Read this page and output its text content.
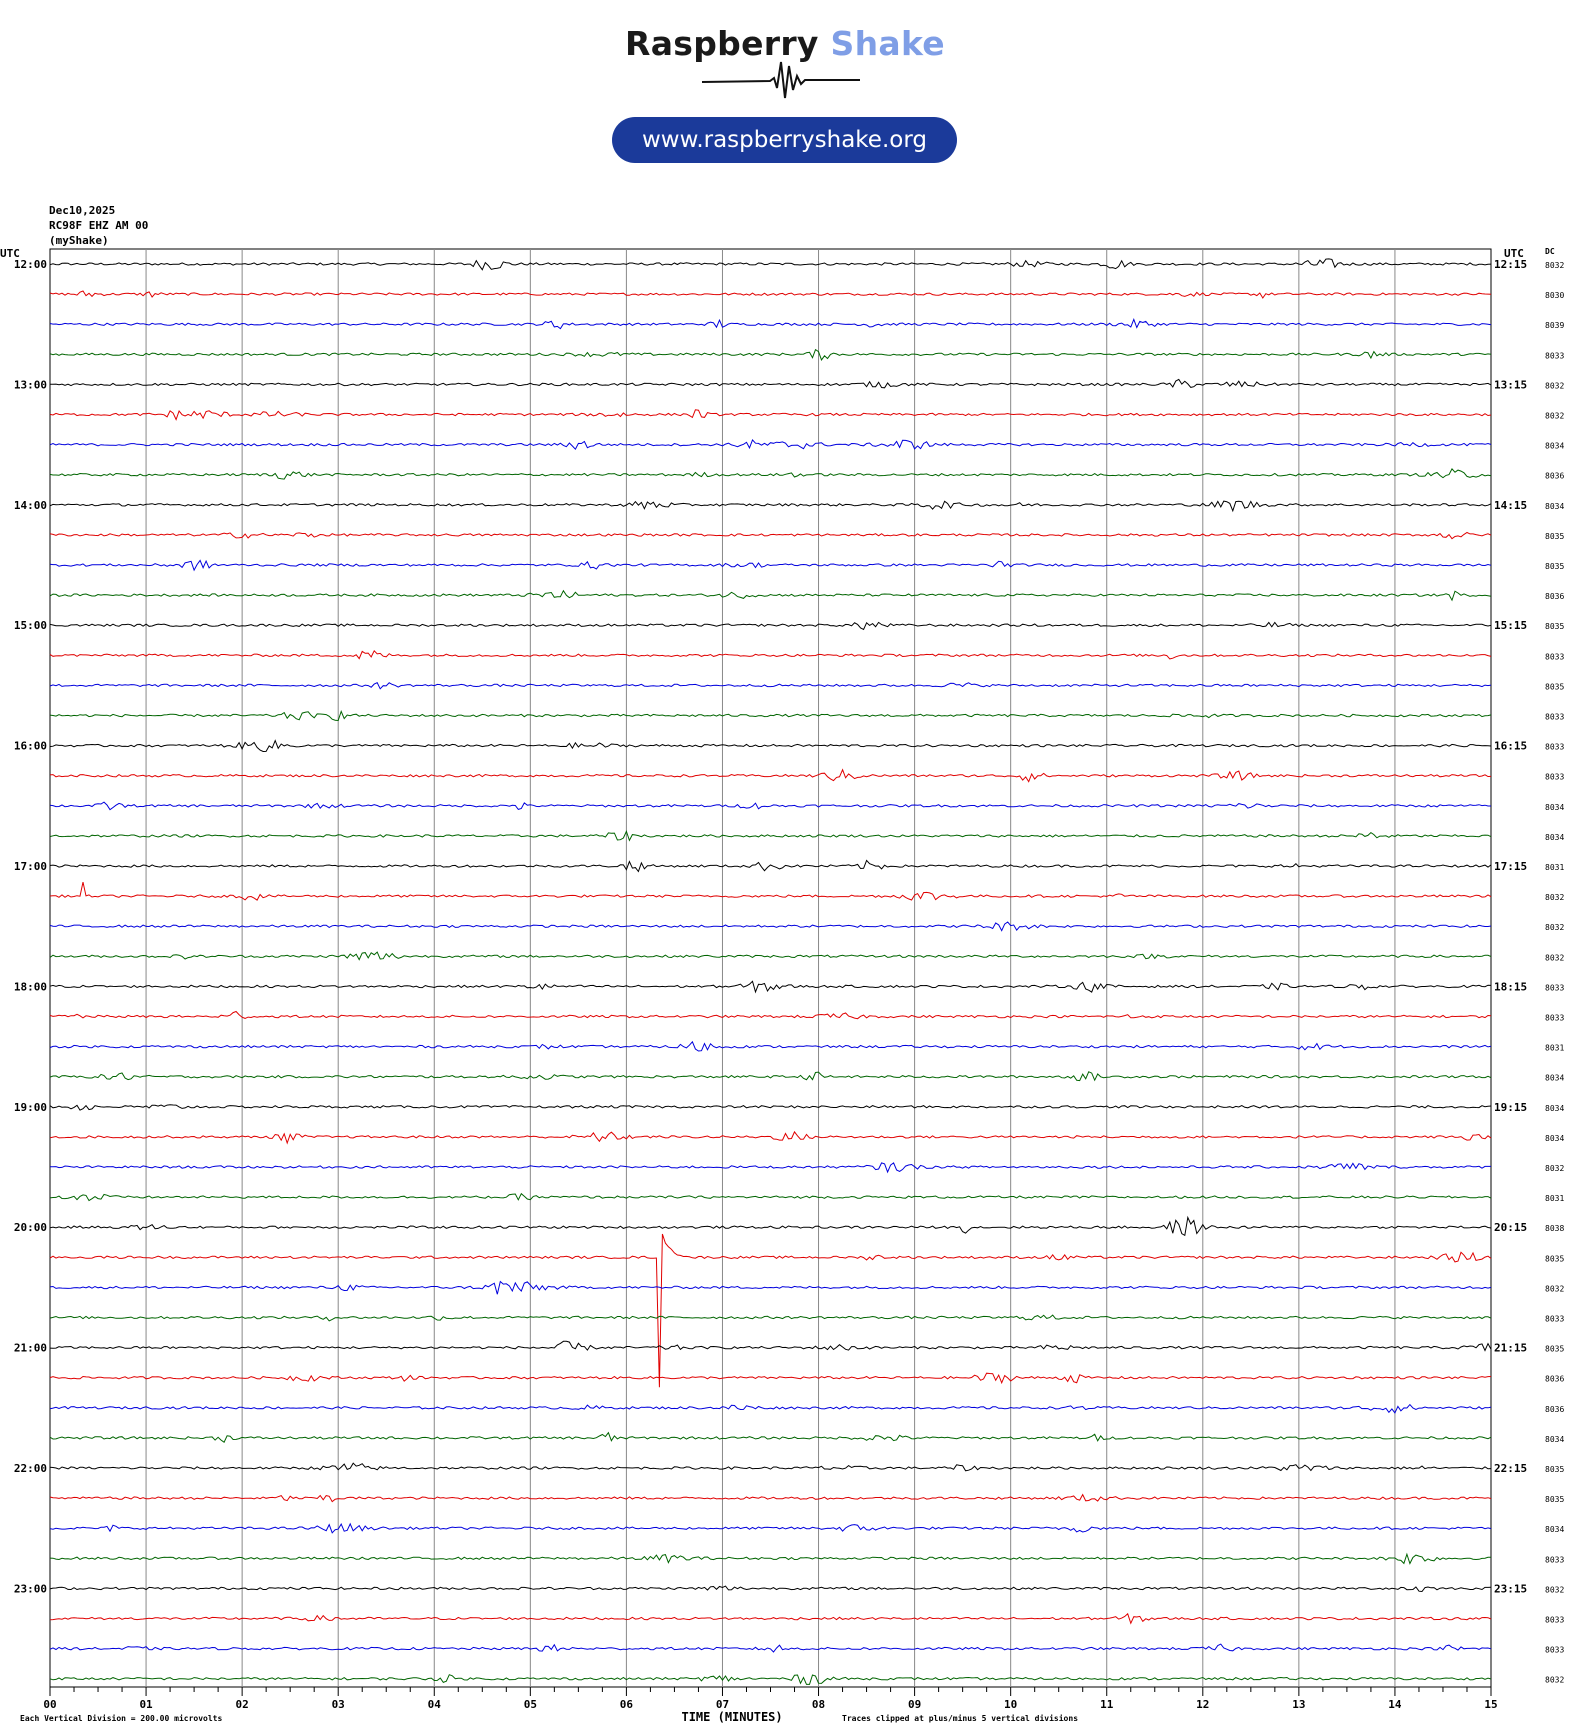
Raspberry Shake
www.raspberryshake.org
Dec10,2025
RC98F EHZ AM 00
(myShake)
00	01	02	03	04	05	06	07	08	09	10	11	12	13	14	15
TIME (MINUTES)
Each Vertical Division = 200.00 microvolts	Traces clipped at plus/minus 5 vertical divisions
UTC	UTC	DC
12:00	12:15 8032
8030
8039
8033
13:00	13:15 8032
8032
8034
8036
14:00	14:15 8034
8035
8035
8036
15:00	15:15 8035
8033
8035
8033
16:00	16:15 8033
8033
8034
8034
17:00	17:15 8031
8032
8032
8032
18:00	18:15 8033
8033
8031
8034
19:00	19:15 8034
8034
8032
8031
20:00	20:15 8038
8035
8032
8033
21:00	21:15 8035
8036
8036
8034
22:00	22:15 8035
8035
8034
8033
23:00	23:15 8032
8033
8033
8032
